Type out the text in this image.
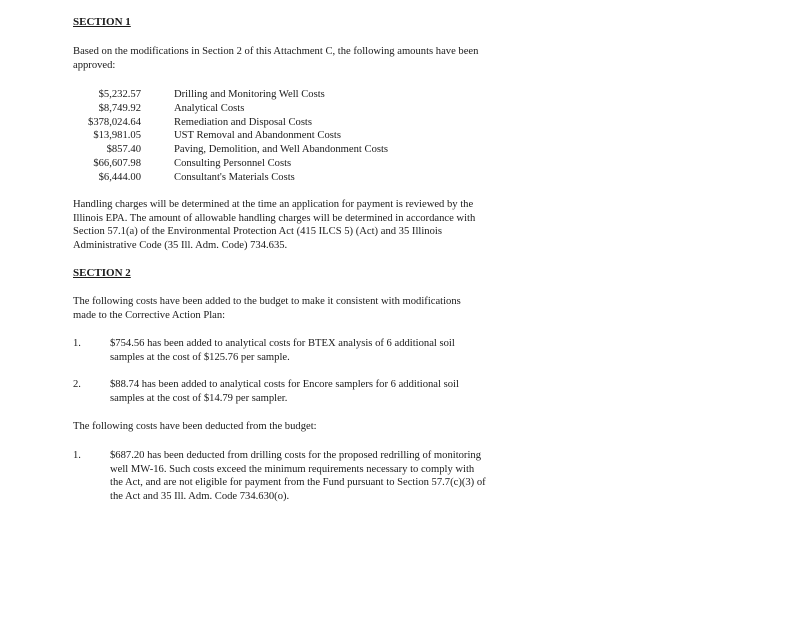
SECTION 1
Based on the modifications in Section 2 of this Attachment C, the following amounts have been
approved:
$5,232.57	Drilling and Monitoring Well Costs
$8,749.92	Analytical Costs
$378,024.64	Remediation and Disposal Costs
$13,981.05	UST Removal and Abandonment Costs
$857.40	Paving, Demolition, and Well Abandonment Costs
$66,607.98	Consulting Personnel Costs
$6,444.00	Consultant's Materials Costs
Handling charges will be determined at the time an application for payment is reviewed by the
Illinois EPA. The amount of allowable handling charges will be determined in accordance with
Section 57.1(a) of the Environmental Protection Act (415 ILCS 5) (Act) and 35 Illinois
Administrative Code (35 Ill. Adm. Code) 734.635.
SECTION 2
The following costs have been added to the budget to make it consistent with modifications
made to the Corrective Action Plan:
1.	$754.56 has been added to analytical costs for BTEX analysis of 6 additional soil
samples at the cost of $125.76 per sample.
2.	$88.74 has been added to analytical costs for Encore samplers for 6 additional soil
samples at the cost of $14.79 per sampler.
The following costs have been deducted from the budget:
1.	$687.20 has been deducted from drilling costs for the proposed redrilling of monitoring
well MW-16. Such costs exceed the minimum requirements necessary to comply with
the Act, and are not eligible for payment from the Fund pursuant to Section 57.7(c)(3) of
the Act and 35 Ill. Adm. Code 734.630(o).
